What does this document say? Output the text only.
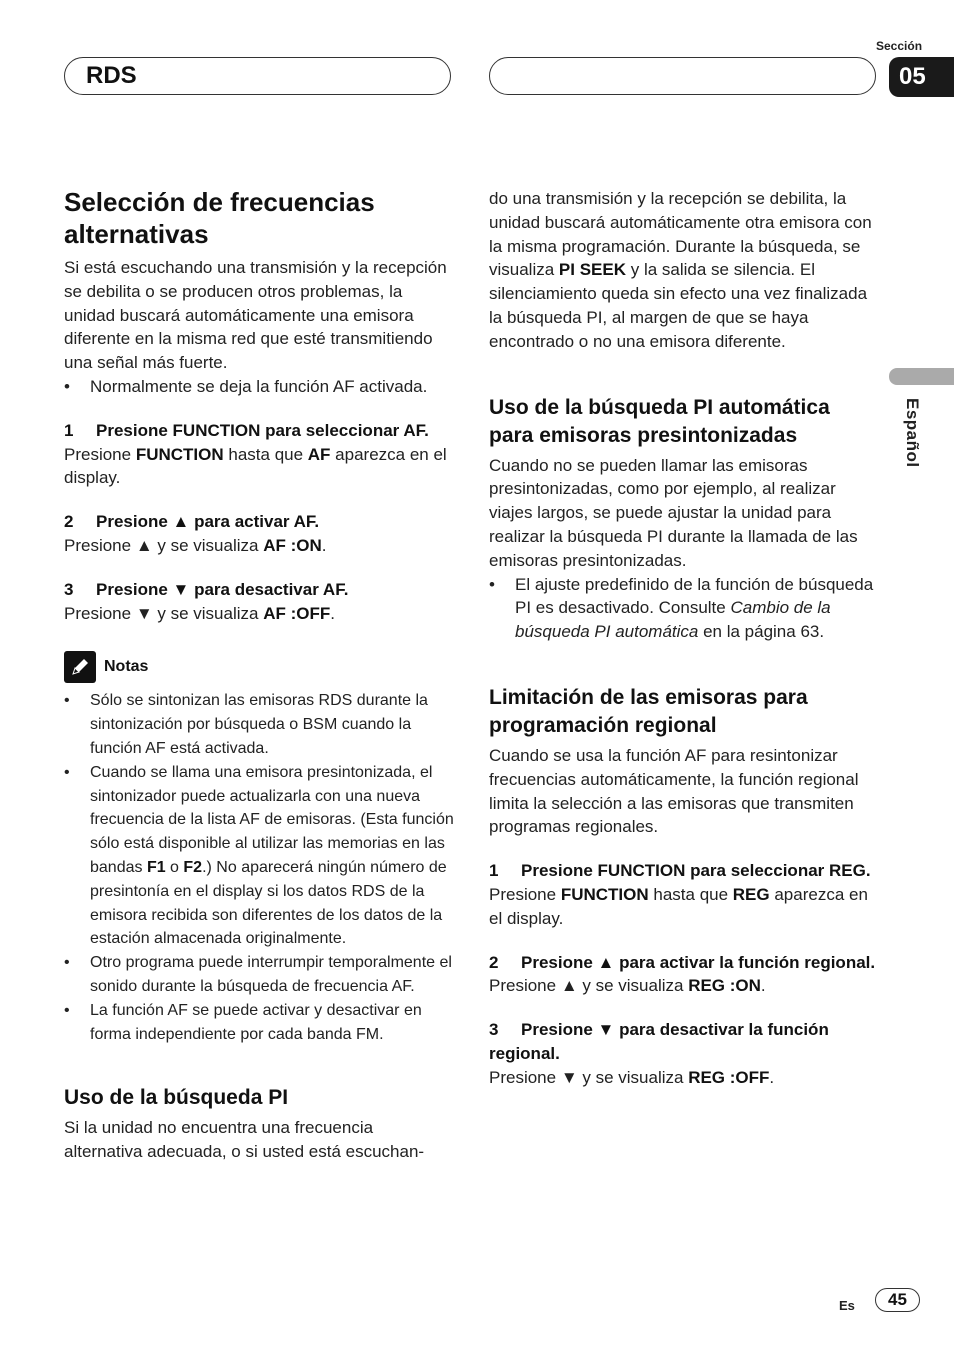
RDS
Sección
05
Español
Selección de frecuencias alternativas

Si está escuchando una transmisión y la recepción se debilita o se producen otros problemas, la unidad buscará automáticamente una emisora diferente en la misma red que esté transmitiendo una señal más fuerte.

• Normalmente se deja la función AF activada.

1 Presione FUNCTION para seleccionar AF.

Presione FUNCTION hasta que AF aparezca en el display.

2 Presione ▲ para activar AF.

Presione ▲ y se visualiza AF :ON.

3 Presione ▼ para desactivar AF.

Presione ▼ y se visualiza AF :OFF.

Notas
• Sólo se sintonizan las emisoras RDS durante la sintonización por búsqueda o BSM cuando la función AF está activada.
• Cuando se llama una emisora presintonizada, el sintonizador puede actualizarla con una nueva frecuencia de la lista AF de emisoras. (Esta función sólo está disponible al utilizar las memorias en las bandas F1 o F2.) No aparecerá ningún número de presintonía en el display si los datos RDS de la emisora recibida son diferentes de los datos de la estación almacenada originalmente.
• Otro programa puede interrumpir temporalmente el sonido durante la búsqueda de frecuencia AF.
• La función AF se puede activar y desactivar en forma independiente por cada banda FM.
Uso de la búsqueda PI

Si la unidad no encuentra una frecuencia alternativa adecuada, o si usted está escuchan-

do una transmisión y la recepción se debilita, la unidad buscará automáticamente otra emisora con la misma programación. Durante la búsqueda, se visualiza PI SEEK y la salida se silencia. El silenciamiento queda sin efecto una vez finalizada la búsqueda PI, al margen de que se haya encontrado o no una emisora diferente.

Uso de la búsqueda PI automática para emisoras presintonizadas

Cuando no se pueden llamar las emisoras presintonizadas, como por ejemplo, al realizar viajes largos, se puede ajustar la unidad para realizar la búsqueda PI durante la llamada de las emisoras presintonizadas.

• El ajuste predefinido de la función de búsqueda PI es desactivado. Consulte Cambio de la búsqueda PI automática en la página 63.
Limitación de las emisoras para programación regional

Cuando se usa la función AF para resintonizar frecuencias automáticamente, la función regional limita la selección a las emisoras que transmiten programas regionales.

1 Presione FUNCTION para seleccionar REG.

Presione FUNCTION hasta que REG aparezca en el display.

2 Presione ▲ para activar la función regional.

Presione ▲ y se visualiza REG :ON.

3 Presione ▼ para desactivar la función regional.

Presione ▼ y se visualiza REG :OFF.

Es 45
